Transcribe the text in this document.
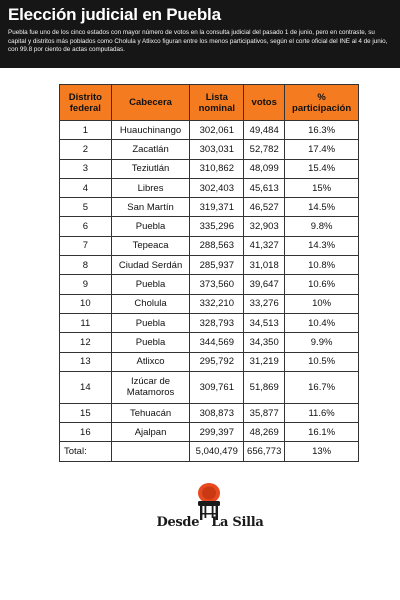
Elección judicial en Puebla

Puebla fue uno de los cinco estados con mayor número de votos en la consulta judicial del pasado 1 de junio, pero en contraste, su capital y distritos más poblados como Cholula y Atlixco figuran entre los menos participativos, según el corte oficial del INE al 4 de junio, con 99.8 por ciento de actas computadas.

Distrito federal	Cabecera	Lista nominal	votos	% participación
1	Huauchinango	302,061	49,484	16.3%
2	Zacatlán	303,031	52,782	17.4%
3	Teziutlán	310,862	48,099	15.4%
4	Libres	302,403	45,613	15%
5	San Martín	319,371	46,527	14.5%
6	Puebla	335,296	32,903	9.8%
7	Tepeaca	288,563	41,327	14.3%
8	Ciudad Serdán	285,937	31,018	10.8%
9	Puebla	373,560	39,647	10.6%
10	Cholula	332,210	33,276	10%
11	Puebla	328,793	34,513	10.4%
12	Puebla	344,569	34,350	9.9%
13	Atlixco	295,792	31,219	10.5%
14	Izúcar de Matamoros	309,761	51,869	16.7%
15	Tehuacán	308,873	35,877	11.6%
16	Ajalpan	299,397	48,269	16.1%
Total:		5,040,479	656,773	13%
Desde La Silla
